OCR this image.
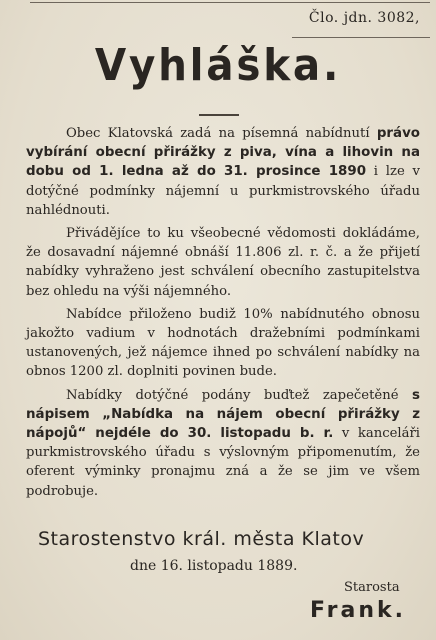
Člo. jdn. 3082,
Vyhláška.

Obec Klatovská zadá na písemná nabídnutí právo vybírání obecní přirážky z piva, vína a lihovin na dobu od 1. ledna až do 31. prosince 1890 i lze v dotýčné podmínky nájemní u purkmistrovského úřadu nahlédnouti.

Přivádějíce to ku všeobecné vědomosti dokládáme, že dosavadní nájemné obnáší 11.806 zl. r. č. a že přijetí nabídky vyhraženo jest schválení obecního zastupitelstva bez ohledu na výši nájemného.

Nabídce přiloženo budiž 10% nabídnutého obnosu jakožto vadium v hodnotách dražebními podmínkami ustanovených, jež nájemce ihned po schválení nabídky na obnos 1200 zl. doplniti povinen bude.

Nabídky dotýčné podány buďtež zapečetěné s nápisem „Nabídka na nájem obecní přirážky z nápojů“ nejdéle do 30. listopadu b. r. v kanceláři purkmistrovského úřadu s výslovným připomenutím, že oferent výminky pronajmu zná a že se jim ve všem podrobuje.

Starostenstvo král. města Klatov
dne 16. listopadu 1889.
Starosta
Frank.
